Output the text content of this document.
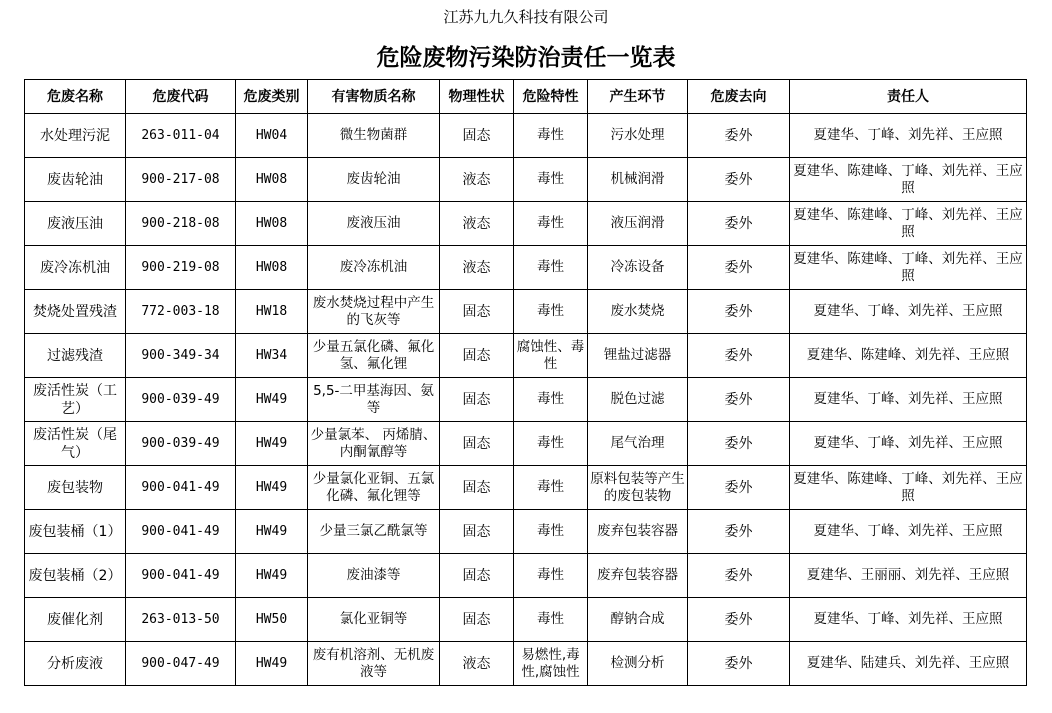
江苏九九久科技有限公司
危险废物污染防治责任一览表
危废名称	危废代码	危废类别	有害物质名称	物理性状	危险特性	产生环节	危废去向	责任人
水处理污泥	263-011-04	HW04	微生物菌群	固态	毒性	污水处理	委外	夏建华、丁峰、刘先祥、王应照
废齿轮油	900-217-08	HW08	废齿轮油	液态	毒性	机械润滑	委外	夏建华、陈建峰、丁峰、刘先祥、王应照
废液压油	900-218-08	HW08	废液压油	液态	毒性	液压润滑	委外	夏建华、陈建峰、丁峰、刘先祥、王应照
废冷冻机油	900-219-08	HW08	废冷冻机油	液态	毒性	冷冻设备	委外	夏建华、陈建峰、丁峰、刘先祥、王应照
焚烧处置残渣	772-003-18	HW18	废水焚烧过程中产生的飞灰等	固态	毒性	废水焚烧	委外	夏建华、丁峰、刘先祥、王应照
过滤残渣	900-349-34	HW34	少量五氯化磷、氟化氢、氟化锂	固态	腐蚀性、毒性	锂盐过滤器	委外	夏建华、陈建峰、刘先祥、王应照
废活性炭（工艺）	900-039-49	HW49	5,5-二甲基海因、氨等	固态	毒性	脱色过滤	委外	夏建华、丁峰、刘先祥、王应照
废活性炭（尾气）	900-039-49	HW49	少量氯苯、 丙烯腈、内酮氰醇等	固态	毒性	尾气治理	委外	夏建华、丁峰、刘先祥、王应照
废包装物	900-041-49	HW49	少量氯化亚铜、五氯化磷、氟化锂等	固态	毒性	原料包装等产生的废包装物	委外	夏建华、陈建峰、丁峰、刘先祥、王应照
废包装桶（1）	900-041-49	HW49	少量三氯乙酰氯等	固态	毒性	废弃包装容器	委外	夏建华、丁峰、刘先祥、王应照
废包装桶（2）	900-041-49	HW49	废油漆等	固态	毒性	废弃包装容器	委外	夏建华、王丽丽、刘先祥、王应照
废催化剂	263-013-50	HW50	氯化亚铜等	固态	毒性	醇钠合成	委外	夏建华、丁峰、刘先祥、王应照
分析废液	900-047-49	HW49	废有机溶剂、无机废液等	液态	易燃性,毒性,腐蚀性	检测分析	委外	夏建华、陆建兵、刘先祥、王应照
